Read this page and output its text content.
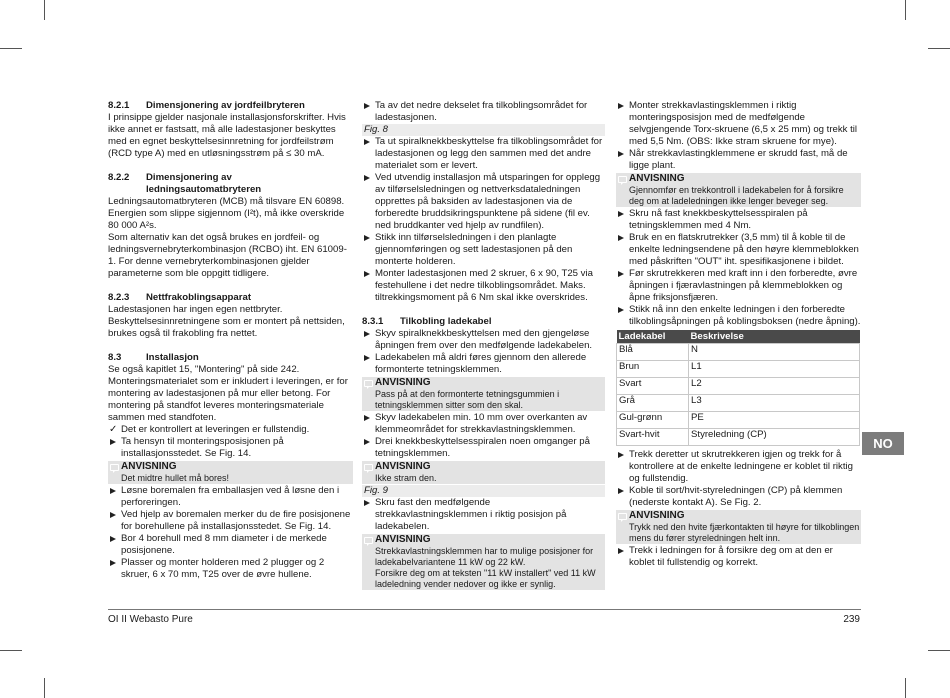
8.2.1	Dimensjonering av jordfeilbryteren

I prinsippe gjelder nasjonale installasjonsforskrifter. Hvis ikke annet er fastsatt, må alle ladestasjoner beskyttes med en egnet beskyttelsesinnretning for jordfeilstrøm (RCD type A) med en utløsningsstrøm på ≤ 30 mA.

8.2.2	Dimensjonering av
ledningsautomatbryteren

Ledningsautomatbryteren (MCB) må tilsvare EN 60898. Energien som slippe sigjennom (I²t), må ikke overskride 80 000 A²s.

Som alternativ kan det også brukes en jordfeil- og ledningsvernebryterkombinasjon (RCBO) iht. EN 61009-1. For denne vernebryterkombinasjonen gjelder parameterne som ble oppgitt tidligere.

8.2.3	Nettfrakoblingsapparat

Ladestasjonen har ingen egen nettbryter. Beskyttelsesinnretningene som er montert på nettsiden, brukes også til frakobling fra nettet.

8.3	Installasjon

Se også kapitlet 15, "Montering" på side 242. Monteringsmaterialet som er inkludert i leveringen, er for montering av ladestasjonen på mur eller betong. For montering på standfot leveres monteringsmateriale sammen med standfoten.

✓ Det er kontrollert at leveringen er fullstendig.
Ta hensyn til monteringsposisjonen på installasjonsstedet. Se Fig. 14.
ANVISNING
Det midtre hullet må bores!
Løsne boremalen fra emballasjen ved å løsne den i perforeringen.
Ved hjelp av boremalen merker du de fire posisjonene for borehullene på installasjonsstedet. Se Fig. 14.
Bor 4 borehull med 8 mm diameter i de merkede posisjonene.
Plasser og monter holderen med 2 plugger og 2 skruer, 6 x 70 mm, T25 over de øvre hullene.
Ta av det nedre dekselet fra tilkoblingsområdet for ladestasjonen.
Fig. 8
Ta ut spiralknekkbeskyttelse fra tilkoblingsområdet for ladestasjonen og legg den sammen med det andre materialet som er levert.
Ved utvendig installasjon må utsparingen for opplegg av tilførselsledningen og nettverksdataledningen opprettes på baksiden av ladestasjonen via de forberedte bruddsikringspunktene på sidene (fil ev. ned bruddkanter ved hjelp av rundfilen).
Stikk inn tilførselsledningen i den planlagte gjennomføringen og sett ladestasjonen på den monterte holderen.
Monter ladestasjonen med 2 skruer, 6 x 90, T25 via festehullene i det nedre tilkoblingsområdet. Maks. tiltrekkingsmoment på 6 Nm skal ikke overskrides.
8.3.1	Tilkobling ladekabel
Skyv spiralknekkbeskyttelsen med den gjengeløse åpningen frem over den medfølgende ladekabelen.
Ladekabelen må aldri føres gjennom den allerede formonterte tetningsklemmen.
ANVISNING
Pass på at den formonterte tetningsgummien i tetningsklemmen sitter som den skal.
Skyv ladekabelen min. 10 mm over overkanten av klemmeområdet for strekkavlastningsklemmen.
Drei knekkbeskyttelsesspiralen noen omganger på tetningsklemmen.
ANVISNING
Ikke stram den.
Fig. 9
Skru fast den medfølgende strekkavlastningsklemmen i riktig posisjon på ladekabelen.
ANVISNING
Strekkavlastningsklemmen har to mulige posisjoner for ladekabelvariantene 11 kW og 22 kW.
Forsikre deg om at teksten "11 kW installert" ved 11 kW ladeledning vender nedover og ikke er synlig.
Monter strekkavlastingsklemmen i riktig monteringsposisjon med de medfølgende selvgjengende Torx-skruene (6,5 x 25 mm) og trekk til med 5,5 Nm. (OBS: Ikke stram skruene for mye).
Når strekkavlastingklemmene er skrudd fast, må de ligge plant.
ANVISNING
Gjennomfør en trekkontroll i ladekabelen for å forsikre deg om at ladeledningen ikke lenger beveger seg.
Skru nå fast knekkbeskyttelsesspiralen på tetningsklemmen med 4 Nm.
Bruk en en flatskrutrekker (3,5 mm) til å koble til de enkelte ledningsendene på den høyre klemmeblokken med påskriften "OUT" iht. spesifikasjonene i bildet.
Før skrutrekkeren med kraft inn i den forberedte, øvre åpningen i fjæravlastningen på klemmeblokken og åpne friksjonsfjæren.
Stikk nå inn den enkelte ledningen i den forberedte tilkoblingsåpningen på koblingsboksen (nedre åpning).
Ladekabel	Beskrivelse
Blå	N
Brun	L1
Svart	L2
Grå	L3
Gul-grønn	PE
Svart-hvit	Styreledning (CP)
Trekk deretter ut skrutrekkeren igjen og trekk for å kontrollere at de enkelte ledningene er koblet til riktig og fullstendig.
Koble til sort/hvit-styreledningen (CP) på klemmen (nederste kontakt A). Se Fig. 2.
ANVISNING
Trykk ned den hvite fjærkontakten til høyre for tilkoblingen mens du fører styreledningen helt inn.
Trekk i ledningen for å forsikre deg om at den er koblet til fullstendig og korrekt.
NO
OI II Webasto Pure	239
